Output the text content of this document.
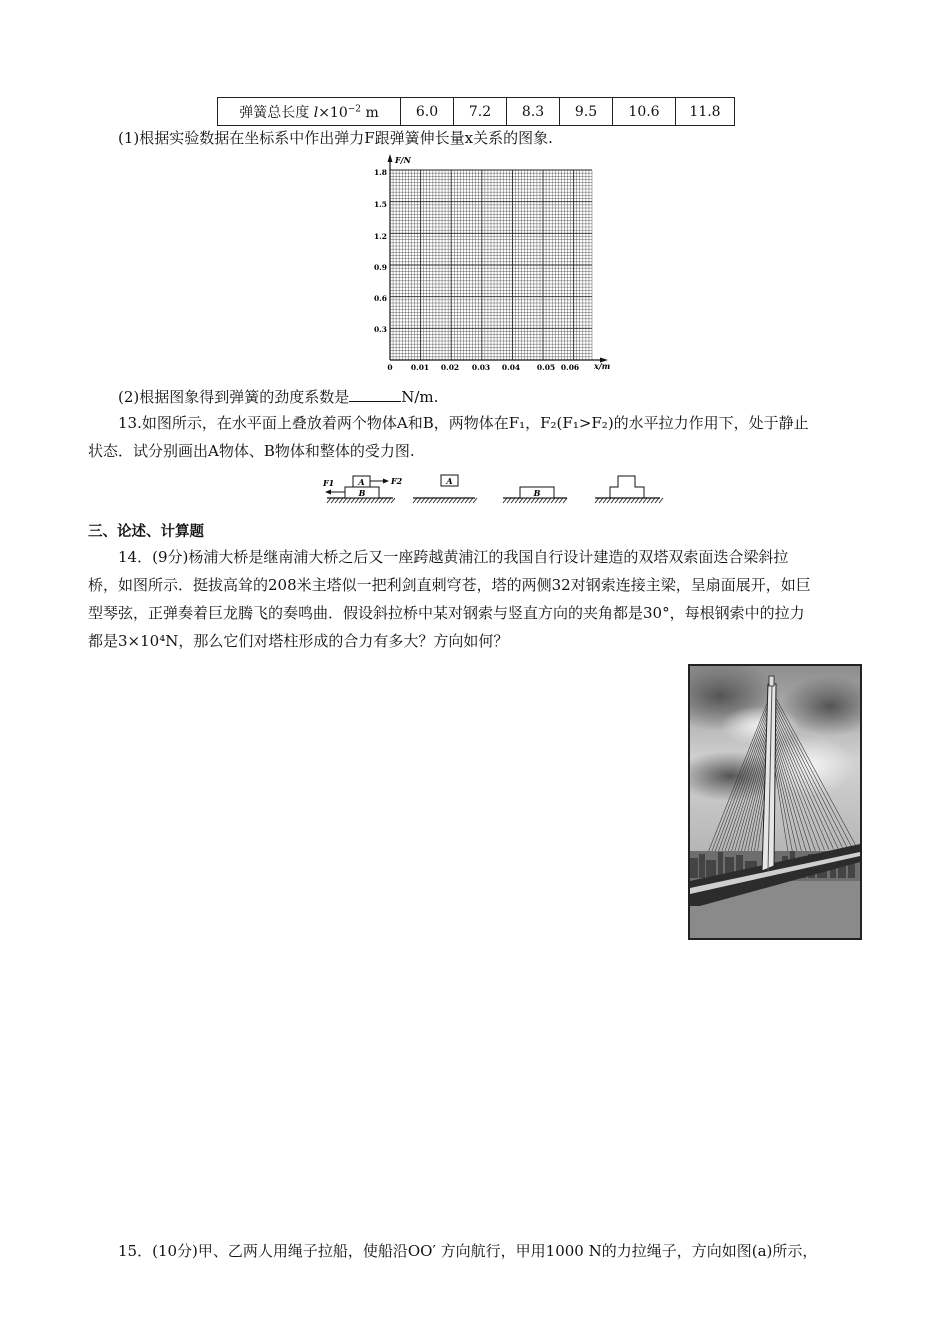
弹簧总长度 $l\times 10^{-2}$ m	6.0	7.2	8.3	9.5	10.6	11.8
(1)根据实验数据在坐标系中作出弹力F跟弹簧伸长量x关系的图象.
F/N
x/m
0
0.3
0.6
0.9
1.2
1.5
1.8
0.01 0.02 0.03 0.04 0.05 0.06
(2)根据图象得到弹簧的劲度系数是	N/m.
13.如图所示，在水平面上叠放着两个物体A和B，两物体在F₁，F₂(F₁>F₂)的水平拉力作用下，处于静止
状态．试分别画出A物体、B物体和整体的受力图.
B
A
F1	F2	A
B
三、论述、计算题
14．(9分)杨浦大桥是继南浦大桥之后又一座跨越黄浦江的我国自行设计建造的双塔双索面迭合梁斜拉
桥，如图所示．挺拔高耸的208米主塔似一把利剑直刺穹苍，塔的两侧32对钢索连接主梁，呈扇面展开，如巨
型琴弦，正弹奏着巨龙腾飞的奏鸣曲．假设斜拉桥中某对钢索与竖直方向的夹角都是30°，每根钢索中的拉力
都是3×10⁴N，那么它们对塔柱形成的合力有多大？方向如何？
15．(10分)甲、乙两人用绳子拉船，使船沿OO′ 方向航行，甲用1000 N的力拉绳子，方向如图(a)所示，
